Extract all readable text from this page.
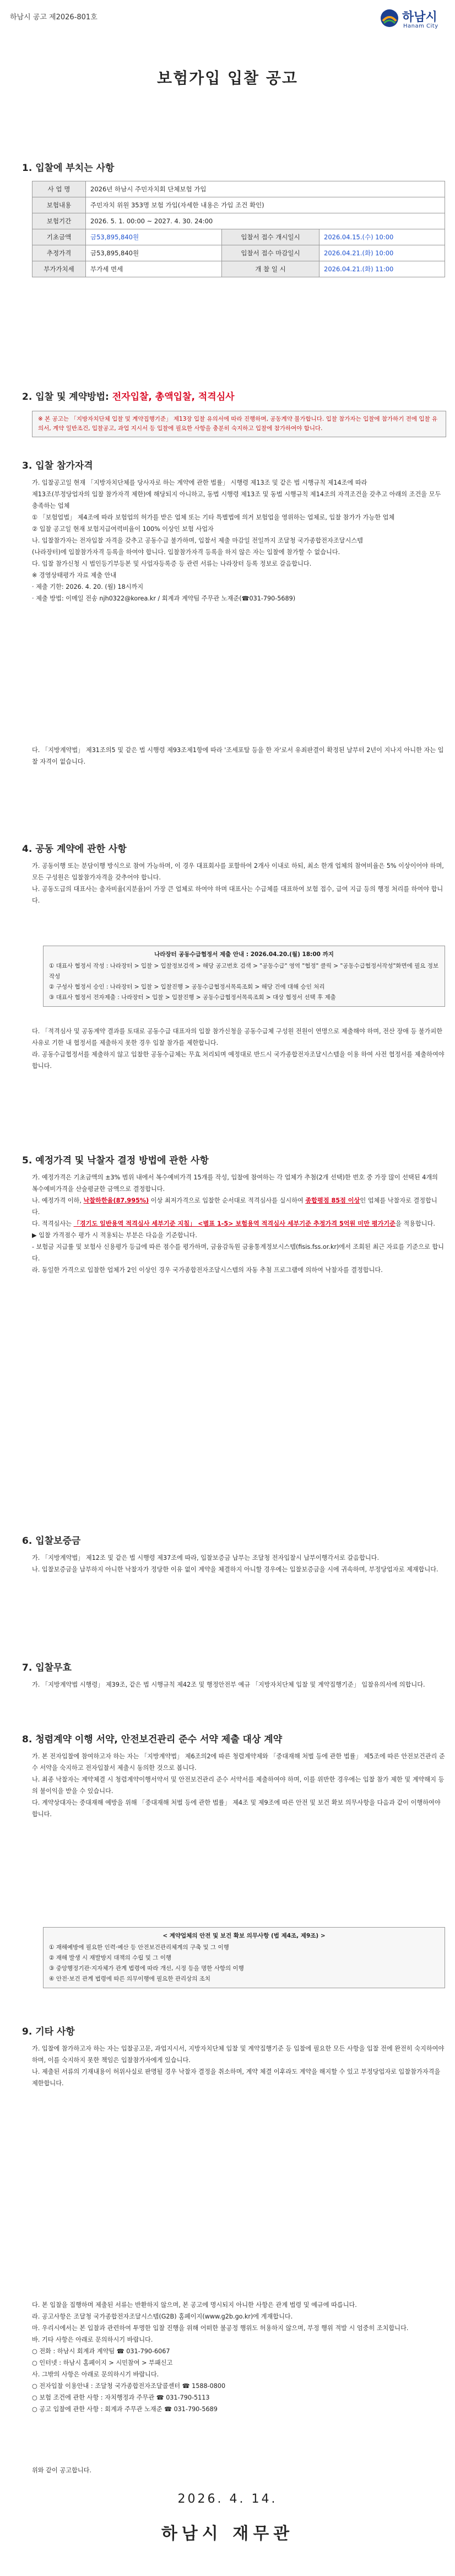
하남시 공고 제2026-801호	하남시
Hanam City
보험가입 입찰 공고
1. 입찰에 부치는 사항
사 업 명	2026년 하남시 주민자치회 단체보험 가입		
보험내용	주민자치 위원 353명 보험 가입(자세한 내용은 가입 조건 확인)		
보험기간	2026. 5. 1. 00:00 ~ 2027. 4. 30. 24:00		
기초금액	금53,895,840원	입찰서 접수 개시일시	2026.04.15.(수) 10:00
추정가격	금53,895,840원	입찰서 접수 마감일시	2026.04.21.(화) 10:00
부가가치세	부가세 면세	개 찰 일 시	2026.04.21.(화) 11:00
2. 입찰 및 계약방법: 전자입찰, 총액입찰, 적격심사
※ 본 공고는 「지방자치단체 입찰 및 계약집행기준」 제13장 입찰 유의서에 따라 진행하며, 공동계약 불가합니다. 입찰 참가자는 입찰에 참가하기 전에 입찰 유의서, 계약 일반조건, 입찰공고, 과업 지시서 등 입찰에 필요한 사항을 충분히 숙지하고 입찰에 참가하여야 합니다.
3. 입찰 참가자격
가. 입찰공고일 현재 「지방자치단체를 당사자로 하는 계약에 관한 법률」 시행령 제13조 및 같은 법 시행규칙 제14조에 따라
제13조(부정당업자의 입찰 참가자격 제한)에 해당되지 아니하고, 동법 시행령 제13조 및 동법 시행규칙 제14조의 자격조건을 갖추고 아래의 조건을 모두 충족하는 업체
① 「보험업법」 제4조에 따라 보험업의 허가를 받은 업체 또는 기타 특별법에 의거 보험업을 영위하는 업체로, 입찰 참가가 가능한 업체
② 입찰 공고일 현재 보험지급여력비율이 100% 이상인 보험 사업자
나. 입찰참가자는 전자입찰 자격을 갖추고 공동수급 불가하며, 입찰서 제출 마감일 전일까지 조달청 국가종합전자조달시스템
(나라장터)에 입찰참가자격 등록을 하여야 합니다. 입찰참가자격 등록을 하지 않은 자는 입찰에 참가할 수 없습니다.
다. 입찰 참가신청 시 법인등기부등본 및 사업자등록증 등 관련 서류는 나라장터 등록 정보로 갈음합니다.
※ 경영상태평가 자료 제출 안내
· 제출 기한: 2026. 4. 20. (월) 18시까지
· 제출 방법: 이메일 전송 njh0322@korea.kr / 회계과 계약팀 주무관 노재준(☎031-790-5689)
다. 「지방계약법」 제31조의5 및 같은 법 시행령 제93조제1항에 따라 '조세포탈 등을 한 자'로서 유죄판결이 확정된 날부터 2년이 지나지 아니한 자는 입찰 자격이 없습니다.
4. 공동 계약에 관한 사항
가. 공동이행 또는 분담이행 방식으로 참여 가능하며, 이 경우 대표회사를 포함하여 2개사 이내로 하되, 최소 한개 업체의 참여비율은 5% 이상이어야 하며, 모든 구성원은 입찰참가자격을 갖추어야 합니다.
나. 공동도급의 대표사는 출자비율(지분율)이 가장 큰 업체로 하여야 하며 대표사는 수급체를 대표하여 보험 접수, 급여 지급 등의 행정 처리를 하여야 합니다.
나라장터 공동수급협정서 제출 안내 : 2026.04.20.(월) 18:00 까지
① 대표사 협정서 작성 : 나라장터 > 입찰 > 입찰정보검색 > 해당 공고번호 검색 > "공동수급" 영역 "협정" 클릭 > "공동수급협정서작성"화면에 필요 정보 작성
② 구성사 협정서 승인 : 나라장터 > 입찰 > 입찰진행 > 공동수급협정서목록조회 > 해당 건에 대해 승인 처리
③ 대표사 협정서 전자제출 : 나라장터 > 입찰 > 입찰진행 > 공동수급협정서목록조회 > 대상 협정서 선택 후 제출
다. 「적격심사 및 공동계약 결과를 토대로 공동수급 대표자의 입찰 참가신청을 공동수급체 구성원 전원이 연명으로 제출해야 하며, 전산 장애 등 불가피한 사유로 기한 내 협정서를 제출하지 못한 경우 입찰 참가를 제한합니다.
라. 공동수급협정서를 제출하지 않고 입찰한 공동수급체는 무효 처리되며 예정대로 반드시 국가종합전자조달시스템을 이용 하여 사전 협정서를 제출하여야 합니다.
5. 예정가격 및 낙찰자 결정 방법에 관한 사항
가. 예정가격은 기초금액의 ±3% 범위 내에서 복수예비가격 15개를 작성, 입찰에 참여하는 각 업체가 추첨(2개 선택)한 번호 중 가장 많이 선택된 4개의 복수예비가격을 산술평균한 금액으로 결정합니다.
나. 예정가격 이하, 낙찰하한율(87.995%) 이상 최저가격으로 입찰한 순서대로 적격심사를 실시하여 종합평점 85점 이상인 업체를 낙찰자로 결정합니다.
다. 적격심사는 「경기도 일반용역 적격심사 세부기준 지침」 <별표 1-5> 보험용역 적격심사 세부기준 추정가격 5억원 미만 평가기준을 적용합니다.
▶ 입찰 가격점수 평가 시 적용되는 부분은 다음을 기준합니다.
- 보험금 지급률 및 보험사 신용평가 등급에 따른 점수를 평가하며, 금융감독원 금융통계정보시스템(fisis.fss.or.kr)에서 조회된 최근 자료를 기준으로 합니다.
라. 동일한 가격으로 입찰한 업체가 2인 이상인 경우 국가종합전자조달시스템의 자동 추첨 프로그램에 의하여 낙찰자를 결정합니다.
6. 입찰보증금
가. 「지방계약법」 제12조 및 같은 법 시행령 제37조에 따라, 입찰보증금 납부는 조달청 전자입찰시 납부이행각서로 갈음합니다.
나. 입찰보증금을 납부하지 아니한 낙찰자가 정당한 이유 없이 계약을 체결하지 아니할 경우에는 입찰보증금을 시에 귀속하며, 부정당업자로 제재합니다.
7. 입찰무효
가. 「지방계약법 시행령」 제39조, 같은 법 시행규칙 제42조 및 행정안전부 예규 「지방자치단체 입찰 및 계약집행기준」 입찰유의서에 의합니다.
8. 청렴계약 이행 서약, 안전보건관리 준수 서약 제출 대상 계약
가. 본 전자입찰에 참여하고자 하는 자는 「지방계약법」 제6조의2에 따른 청렴계약제와 「중대재해 처벌 등에 관한 법률」 제5조에 따른 안전보건관리 준수 서약을 숙지하고 전자입찰서 제출시 동의한 것으로 봅니다.
나. 최종 낙찰자는 계약체결 시 청렴계약이행서약서 및 안전보건관리 준수 서약서를 제출하여야 하며, 이를 위반한 경우에는 입찰 참가 제한 및 계약해지 등의 불이익을 받을 수 있습니다.
다. 계약상대자는 중대재해 예방을 위해 「중대재해 처벌 등에 관한 법률」 제4조 및 제9조에 따른 안전 및 보건 확보 의무사항을 다음과 같이 이행하여야 합니다.
< 계약업체의 안전 및 보건 확보 의무사항 (법 제4조, 제9조) >
① 재해예방에 필요한 인력·예산 등 안전보건관리체계의 구축 및 그 이행
② 재해 발생 시 재발방지 대책의 수립 및 그 이행
③ 중앙행정기관·지자체가 관계 법령에 따라 개선, 시정 등을 명한 사항의 이행
④ 안전·보건 관계 법령에 따른 의무이행에 필요한 관리상의 조치
9. 기타 사항
가. 입찰에 참가하고자 하는 자는 입찰공고문, 과업지시서, 지방자치단체 입찰 및 계약집행기준 등 입찰에 필요한 모든 사항을 입찰 전에 완전히 숙지하여야 하며, 이를 숙지하지 못한 책임은 입찰참가자에게 있습니다.
나. 제출된 서류의 기재내용이 허위사실로 판명될 경우 낙찰자 결정을 취소하며, 계약 체결 이후라도 계약을 해지할 수 있고 부정당업자로 입찰참가자격을 제한합니다.
다. 본 입찰을 집행하며 제출된 서류는 반환하지 않으며, 본 공고에 명시되지 아니한 사항은 관계 법령 및 예규에 따릅니다.
라. 공고사항은 조달청 국가종합전자조달시스템(G2B) 홈페이지(www.g2b.go.kr)에 게재합니다.
마. 우리시에서는 본 입찰과 관련하여 투명한 입찰 진행을 위해 어떠한 불공정 행위도 허용하지 않으며, 부정 행위 적발 시 엄중히 조치합니다.
바. 기타 사항은 아래로 문의하시기 바랍니다.
○ 전화 : 하남시 회계과 계약팀 ☎ 031-790-6067
○ 인터넷 : 하남시 홈페이지 > 시민참여 > 부패신고
사. 그밖의 사항은 아래로 문의하시기 바랍니다.
○ 전자입찰 이용안내 : 조달청 국가종합전자조달콜센터 ☎ 1588-0800
○ 보험 조건에 관한 사항 : 자치행정과 주무관 ☎ 031-790-5113
○ 공고 입찰에 관한 사항 : 회계과 주무관 노재준 ☎ 031-790-5689
위와 같이 공고합니다.
2026. 4. 14.
하남시 재무관
